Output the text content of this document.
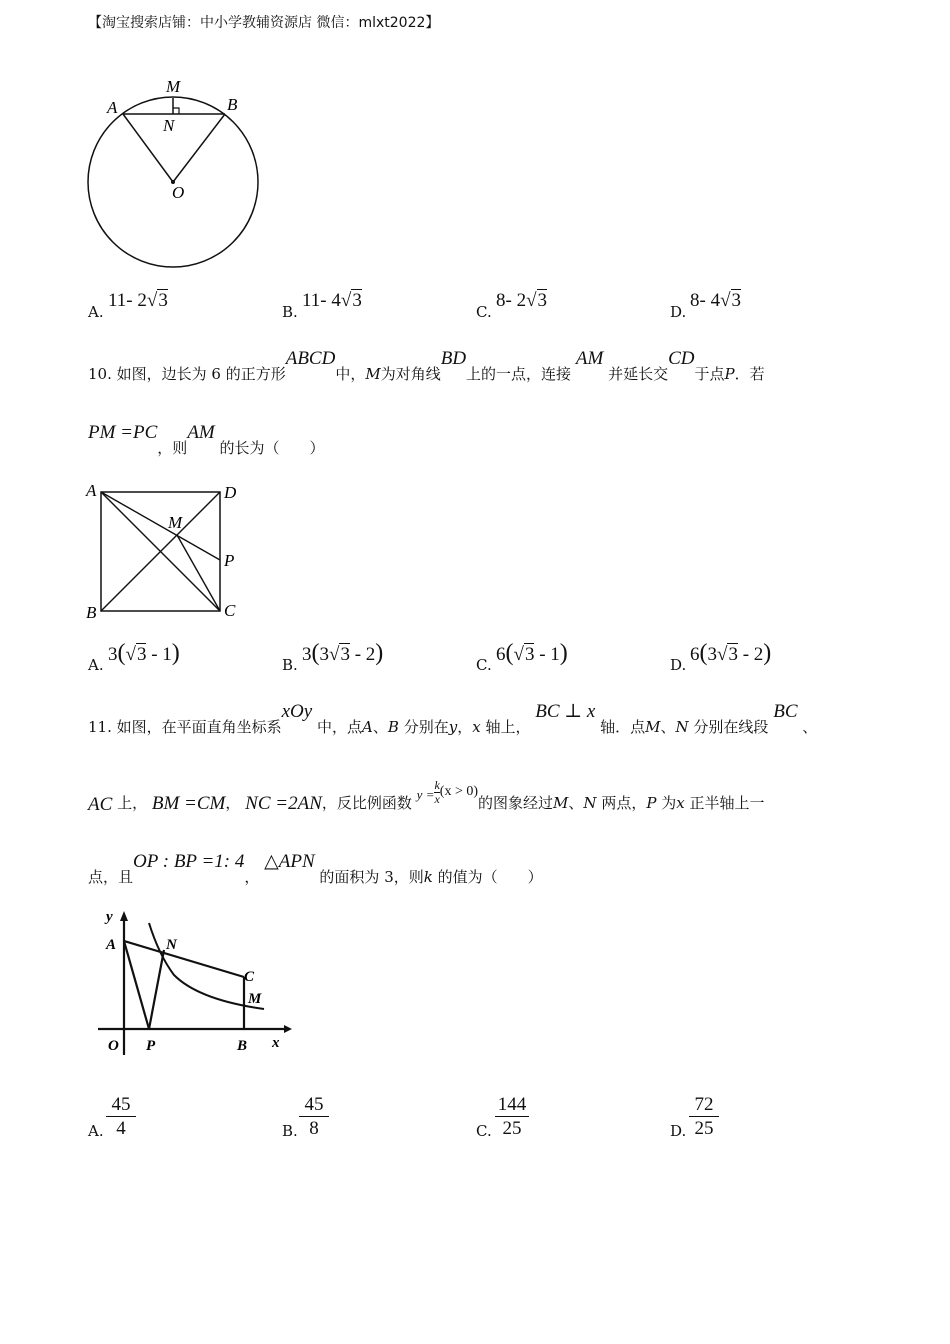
【淘宝搜索店铺：中小学教辅资源店 微信：mlxt2022】
A	B
M
N
O
A.
11- 2√3
B.
11- 4√3
C.
8- 2√3
D.
8- 4√3
10. 如图，边长为 6 的正方形ABCD中，M为对角线BD上的一点，连接 AM 并延长交CD于点P．若
PM =PC，则AM 的长为（　　）
A	D
B	C
M
P
A. 3(√3 - 1)	B. 3(3√3 - 2)	C. 6(√3 - 1)	D. 6(3√3 - 2)
11. 如图，在平面直角坐标系xOy 中，点A、B 分别在y，x 轴上， BC ⊥ x 轴．点M、N 分别在线段 BC 、
AC 上， BM =CM， NC =2AN，反比例函数 $y = \frac{k}{x} (x > 0)$的图象经过M、N 两点，P 为x 正半轴上一
点，且OP : BP =1: 4， △APN 的面积为 3，则k 的值为（　　）
y
A	N
C
M
O P	B x
A. $\frac{45}{4}$	B. $\frac{45}{8}$	C. $\frac{144}{25}$	D. $\frac{72}{25}$
